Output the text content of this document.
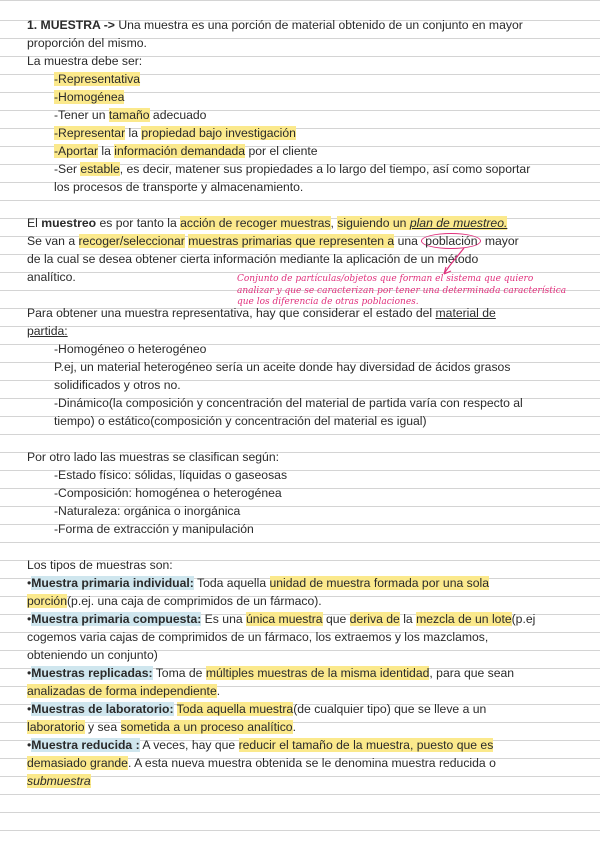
1. MUESTRA -> Una muestra es una porción de material obtenido de un conjunto en mayor
proporción del mismo.
La muestra debe ser:
-Representativa
-Homogénea
-Tener un tamaño adecuado
-Representar la propiedad bajo investigación
-Aportar la información demandada por el cliente
-Ser estable, es decir, matener sus propiedades a lo largo del tiempo, así como soportar
los procesos de transporte y almacenamiento.
El muestreo es por tanto la acción de recoger muestras, siguiendo un plan de muestreo.
Se van a recoger/seleccionar muestras primarias que representen a una población mayor
de la cual se desea obtener cierta información mediante la aplicación de un método
analítico.
Para obtener una muestra representativa, hay que considerar el estado del material de
partida:
-Homogéneo o heterogéneo
P.ej, un material heterogéneo sería un aceite donde hay diversidad de ácidos grasos
solidificados y otros no.
-Dinámico(la composición y concentración del material de partida varía con respecto al
tiempo) o estático(composición y concentración del material es igual)
Por otro lado las muestras se clasifican según:
-Estado físico: sólidas, líquidas o gaseosas
-Composición: homogénea o heterogénea
-Naturaleza: orgánica o inorgánica
-Forma de extracción y manipulación
Los tipos de muestras son:
•Muestra primaria individual: Toda aquella unidad de muestra formada por una sola
porción(p.ej. una caja de comprimidos de un fármaco).
•Muestra primaria compuesta: Es una única muestra que deriva de la mezcla de un lote(p.ej
cogemos varia cajas de comprimidos de un fármaco, los extraemos y los mazclamos,
obteniendo un conjunto)
•Muestras replicadas: Toma de múltiples muestras de la misma identidad, para que sean
analizadas de forma independiente.
•Muestras de laboratorio: Toda aquella muestra(de cualquier tipo) que se lleve a un
laboratorio y sea sometida a un proceso analítico.
•Muestra reducida : A veces, hay que reducir el tamaño de la muestra, puesto que es
demasiado grande. A esta nueva muestra obtenida se le denomina muestra reducida o
submuestra
Conjunto de partículas/objetos que forman el sistema que quiero
analizar y que se caracterizan por tener una determinada característica
que los diferencia de otras poblaciones.
